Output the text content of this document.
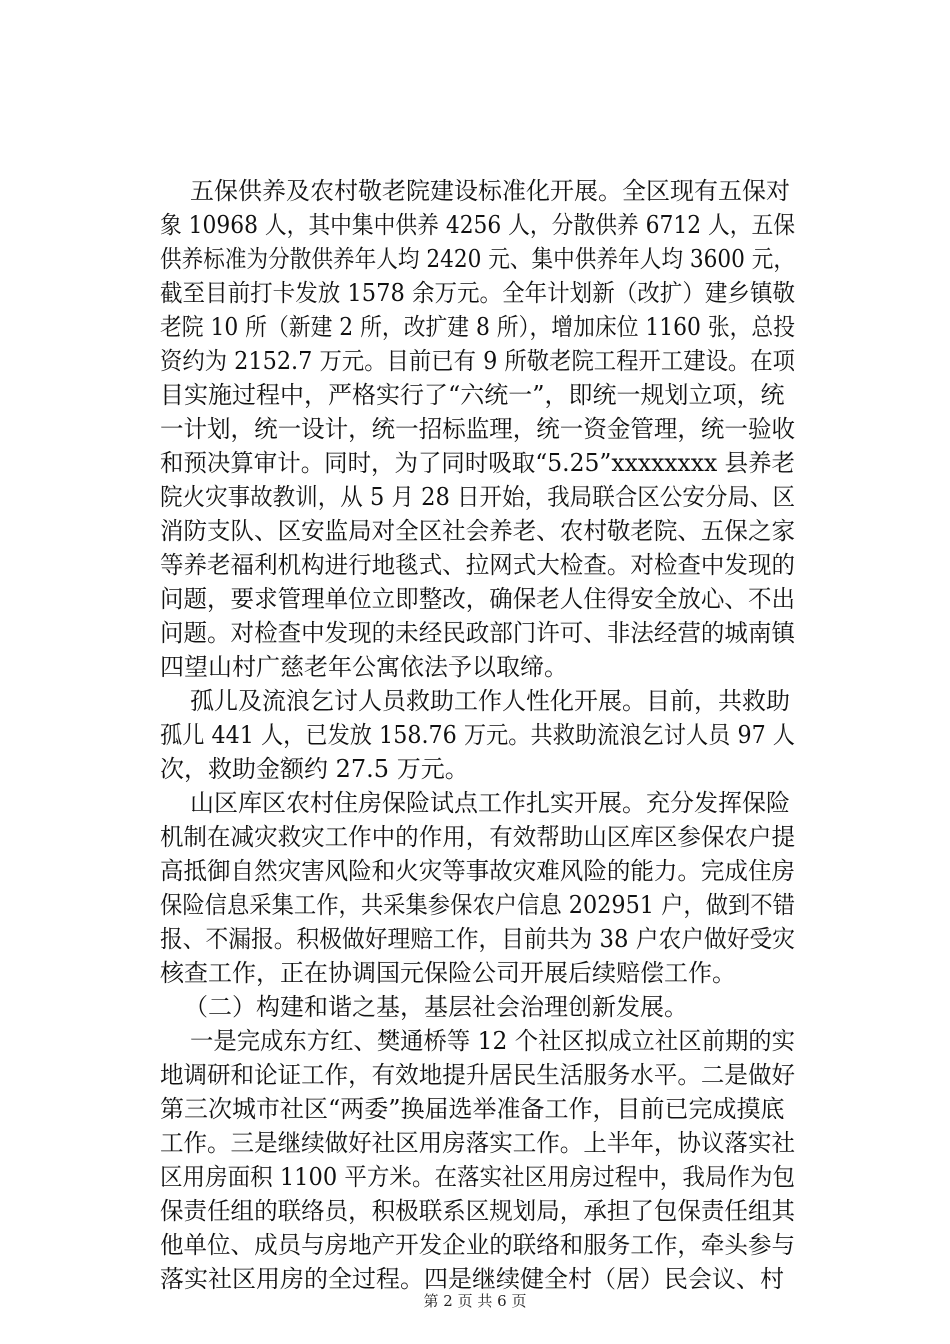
五保供养及农村敬老院建设标准化开展。全区现有五保对
象 10968 人，其中集中供养 4256 人，分散供养 6712 人，五保
供养标准为分散供养年人均 2420 元、集中供养年人均 3600 元，
截至目前打卡发放 1578 余万元。全年计划新（改扩）建乡镇敬
老院 10 所（新建 2 所，改扩建 8 所），增加床位 1160 张，总投
资约为 2152.7 万元。目前已有 9 所敬老院工程开工建设。在项
目实施过程中，严格实行了“六统一”，即统一规划立项，统
一计划，统一设计，统一招标监理，统一资金管理，统一验收
和预决算审计。同时，为了同时吸取“5.25”xxxxxxxx 县养老
院火灾事故教训，从 5 月 28 日开始，我局联合区公安分局、区
消防支队、区安监局对全区社会养老、农村敬老院、五保之家
等养老福利机构进行地毯式、拉网式大检查。对检查中发现的
问题，要求管理单位立即整改，确保老人住得安全放心、不出
问题。对检查中发现的未经民政部门许可、非法经营的城南镇
四望山村广慈老年公寓依法予以取缔。
孤儿及流浪乞讨人员救助工作人性化开展。目前，共救助
孤儿 441 人，已发放 158.76 万元。共救助流浪乞讨人员 97 人
次，救助金额约 27.5 万元。
山区库区农村住房保险试点工作扎实开展。充分发挥保险
机制在减灾救灾工作中的作用，有效帮助山区库区参保农户提
高抵御自然灾害风险和火灾等事故灾难风险的能力。完成住房
保险信息采集工作，共采集参保农户信息 202951 户，做到不错
报、不漏报。积极做好理赔工作，目前共为 38 户农户做好受灾
核查工作，正在协调国元保险公司开展后续赔偿工作。
（二）构建和谐之基，基层社会治理创新发展。
一是完成东方红、樊通桥等 12 个社区拟成立社区前期的实
地调研和论证工作，有效地提升居民生活服务水平。二是做好
第三次城市社区“两委”换届选举准备工作，目前已完成摸底
工作。三是继续做好社区用房落实工作。上半年，协议落实社
区用房面积 1100 平方米。在落实社区用房过程中，我局作为包
保责任组的联络员，积极联系区规划局，承担了包保责任组其
他单位、成员与房地产开发企业的联络和服务工作，牵头参与
落实社区用房的全过程。四是继续健全村（居）民会议、村
第 2 页 共 6 页
